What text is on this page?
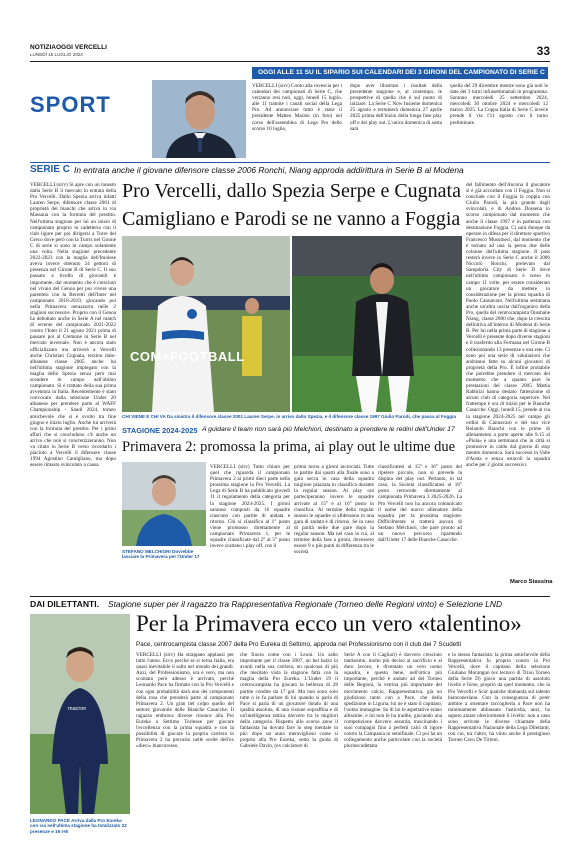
NOTIZIAOGGI VERCELLI
LUNEDÌ 15 LUGLIO 2024	33
SPORT
OGGI ALLE 11 SU IL SIPARIO SUI CALENDARI DEI 3 GIRONI DEL CAMPIONATO DI SERIE C
VERCELLI (sirv) Conto alla rovescia per i calendari dei campionati di Serie C, che verranno resi noti, oggi, lunedì 15 luglio, alle 11 tramite i canali social della Lega Pro. Ad annunciare tutto è stato il presidente Matteo Marani (in foto) nel corso dell'assemblea di Lega Pro dello scorso 10 luglio,
dopo aver illustrato i risultati della precedente stagione e, al contempo, le prospettive di quella che è sul punto di iniziare. La Serie C Now Insieme domenica 25 agosto e terminerà domenica 27 aprile 2025 prima dell'inizio della lunga fase play off e dei play out. L'unica domenica di sosta sarà
quella del 29 dicembre mentre sono già noti le date dei 3 turni infrasettimanali in programma. Saranno mercoledì 25 settembre 2024, mercoledì 30 ottobre 2024 e mercoledì 12 marzo 2025. La Coppa Italia di Serie C invece prende il via l'11 agosto con il turno preliminare.
SERIE C In entrata anche il giovane difensore classe 2006 Ronchi, Niang approda addirittura in Serie B al Modena
VERCELLI (sirv) Si apre con un innesto dalla Serie B il mercato in entrata della Pro Vercelli. Dallo Spezia arriva infatti Lauren Serpe, difensore classe 2001 di proprietà dei bianchi che arriva in via Massaua con la formula del prestito. Nell'ultima stagione per lui un inizio di campionato proprio in cadetteria con il club ligure per poi dirigersi a Torre del Greco dove però con la Turris nel Girone C di serie si sono in campo solamente una volta. Nella stagione precedente 2022-2023 con la maglia dell'Imolese aveva invece ottenuto 24 gettoni di presenza nel Girone B di Serie C. Il suo passato a livello di giovanili è importante, dal momento che è cresciuto nel vivaio del Genoa per poi vivere una parentesi con la Berretti dell'Inter nel campionato 2018-2019, giocando poi nella Primavera nerazzurra nelle 2 stagioni successive. Proprio con il Genoa ha debuttato anche in Serie A nel match di recente del campionato 2021-2022 contro l'Inter il 21 agosto 2021 prima di passare poi al Cremone in Serie B nel mercato invernale. Non è ancora stato ufficializzato ma arriverà a Vercelli anche Christian Cugnata, terzino italo-albanese classe 2005 anche lui nell'ultima stagione impiegato con la maglia dello Spezia senza però mai scendere in campo nell'ultimo campionato. Si è trattato della sua prima avventura in Italia. Recentemente è stato convocato dalla selezione Under 20 albanese per prendere parte al WAFF Championship - Saudi 2024, torneo amichevole che si è svolto tra fine giugno e inizio luglio. Anche lui arriverà con la formula del prestito. Per i primi affari che si concludono c'è anche un arrivo che non si concretizzeranno. Non va citato in Serie B verso ricordarlo i piaciuto a Vercelli il difensore classe 1994 Agostino Camigliano, ma dopo essere rimasto svincolato a causa
Pro Vercelli, dallo Spezia Serpe e Cugnata
Camigliano e Parodi se ne vanno a Foggia
COM+FOOTBALL
CHI VIENE E CHI VA Da sinistra il difensore classe 2001 Lauren Serpe, in arrivo dallo Spezia, e il difensore classe 1997 Giulio Parodi, che passa al Foggia
del fallimento dell'Ancona il giocatore si è già accordato con il Foggia. Non si conclude con il Foggia la coppia con Giulio Parodi, la più grande dagli svincolati, e di Andrea Dossena lo scorso campionato dal momento che anche il classe 1997 è in partenza con destinazione Foggia. Ci sarà dunque da operare in difesa per il direttore sportivo Francesco Musumeci, dal momento che è tornato ad una la perno due delle colonne dell'ultima stagione. Il pass resterà invece in Serie C anche il 2006 Niccolò Ronchi, prelevato dal Sampdoria City di Serie D dove nell'ultimo campionato è sceso in campo 11 volte, per essere considerato un giocatore da mettere in considerazione per la prima squadra di Paolo Cannavaro. Nell'ultima settimana anche un'altra uscita dall'organico della Pro, quella del centrocampista Ousmane Niang, classe 2000 che, dopo la crescita definitiva all'interno di Modena di Serie B. Per lui nella prima parte di stagione a Vercelli è presente dopo diverse stagioni e il trasferito alla Fermana nel Girone B collezionando 13 presenze e una rete. Ci sono poi una serie di valutazioni che andranno fatte su alcuni giocatori di proprietà della Pro. È infine probabile che potrebbe prendere il mercato del momento che a quanto pare le prestazioni del classe 2005 Mattia Rabbrizi hanno destato l'attenzione di alcuni club di categoria superiore. Nel frattempo è ora di inizio per le Bianche Casacche. Oggi, lunedì 15, prende al via la stagione 2024-2025 nel campo gli ordini di Cannavaro e del suo vice Rolando Bianchi con le prime di allenamento a porte aperte alle 9.15 al «Piola» e una settimana che in città si promuove in caldo dal giorno di stop mentre domenica. Sarà successi in Valle d'Aosta e senza ostacoli la squadra anche per 2 giorni successivi.
STAGIONE 2024-2025 A guidare il team non sarà più Melchiori, destinato a prendere le redini dell'Under 17
Primavera 2: promossa la prima, ai play out le ultime due
STEFANO MELCHIORI Dovrebbe lasciare la Primavera per l'Under 17
VERCELLI (sirv) Tutto chiaro per quel che riguarda il campionato Primavera 2 ai primi dieci parte nella prossima stagione la Pro Vercelli. La Lega di Serie B ha pubblicato giovedì 11 il regolamento della categoria per la stagione 2024-2025. I gironi saranno composti da 16 squadre ciascuno con partite di andata e ritorno. Chi si classifica al 1° posto viene promosso direttamente al campionato Primavera 1, per le squadre classificate dal 2° al 5° posto invece scattano i play off, con il
primo turno a gironi incrociati. Tutte le partite dai quarti alla finale sono a gara secca in casa della squadra migliore piazzata in classifica durante la regular season. Ai play out parteciperanno invece le squadre arrivate al 15° e al 16° posto in classifica. Al termine della regular season le squadre si sfideranno in una gara di andata e di ritorno. Se in caso di parità nelle due gare dopo la regular season. Ma nel caso in cui, al termine della fase a gironi, dovessero essere 9 o più punti di differenza tra le società
classificatesi al 15° e 16° posto del ripetere piccole, non si prevede la disputa del play out. Pertanto, in tal caso, la Società classificatasi al 16° posto retrocede direttamente al campionato Primavera 3 2025-2026. La Pro Vercelli non ha ancora comunicato il nome del nuovo allenatore della squadra per la prossima stagione. Difficilmente si tratterà ancora di Stefano Melchiori, che pare pronto ad un nuovo percorso ripartendo dall'Under 17 delle Bianche Casacche.
Marco Stassina
DAI DILETTANTI. Stagione super per il ragazzo tra Rappresentativa Regionale (Torneo delle Regioni vinto) e Selezione LND
macron
LEONARDO PACE Arriva dalla Pro Eureka con cui nell'ultima stagione ha totalizzato 22 presenze e 16 reti
Per la Primavera ecco un vero «talentino»
Pace, centrocampista classe 2007 della Pro Eureka di Settimo, approda nel Professionismo con il club dei 7 Scudetti
VERCELLI (sirv) Ha strappato applausi per tutto l'anno. Ecco perché se si torna Italia, era quasi inevitabile il salto nel mondo dei grandi. Anzi, del Professionismo, ora è vero, ma non scontato però adesso è arrivato, perché Leonardo Pace ha firmato con la Pro Vercelli e con ogni probabilità darà uno dei componenti della rosa che prenderà parte al campionato Primavera 2. Un gran bel colpo quello del settore giovanile delle Bianche Casacche. Il ragazzo embrava diverse rinunce alla Pro Eureka a Settimo Torinese per giocare l'eccellenza con la prima squadra e con la possibilità di giocare la propria carriera in Primavera 2 ha prevalso nelle scelte dell'ex «dieci» biancorosso,
che finora come con i Leoni. Un salto importante per il classe 2007, un bel balzo in avanti nella sua carriera, un qualcosa di più che meritato vista la stagione fatta con la maglia della Pro Eureka. L'Under 19 il centrocampista ha giocato la bellezza di 28 partite condite da 17 gol. Ma non sono solo tutte o le fa parlare di lui quando si parla di Pace si parla di un giocatore dotato di una qualità assoluta, di una visione sopraffina e di un'intelligenza tattica davvero tra le migliori della categoria. Rispetto allo scorso anno il fantasista ha dovuto fare lo step mentale in più: dopo un anno meraviglioso come si proprio alla Pro Eureka, sotto la guida di Gabriele Davin, (ex calciatore di
Serie A con il Cagliari) è davvero cresciuto tantissimo, molto più deciso al sacrificio e al duro lavoro, è diventato un vero uomo squadra, e questo bene, nell'ottica più importante, perché è andato ad del Torneo delle Regioni, la vetrina più importante del movimento calcio. Rappresentativa, già un giudizioso tanto con a Pace, che della spedizione in Liguria, lui ne è stato il capitano, l'uomo immagine. Su di lui le aspettative erano altissime, e lui non le ha tradite, giocando una competizione davvero assurda, trascinando i suoi compagni fino a perfetti calci di rigore contro la Campania in semifinale. Ci poi ha un collegamento anche particolare con la società plurinscudettata
e lo stesso fantasista: la prima amichevole della Rappresentativa fu proprio contro la Pro Vercelli, dove il capitano della selezione Giuliano Morangun (ex tecnico di Trino Torneo della Serie D) gioco una partita di assoluto livello e forse, proprio da quel momento, che la Pro Vercelli e Scor qualche domanda sul talento bianconeriano. Con la conseguenza di poter ambire a orientare raccoglierla a Pace non ha minimamente abbassato l'asticella, anzi, ha saputo alzare ulteriormente il livello: non a caso sono arrivate le diverse chiamate della Rappresentativa Nazionale della Lega Dilettanti, con cui, tra l'altro, ha vinto anche il prestigioso Torneo Cavo De Tirreni.
